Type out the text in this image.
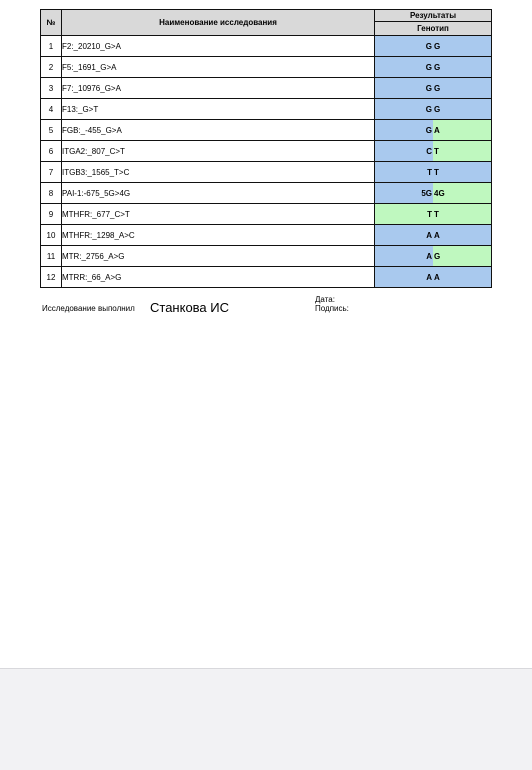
№	Наименование исследования	Результаты
		Генотип
1	F2:_20210_G>A	G G

2	F5:_1691_G>A	G G

3	F7:_10976_G>A	G G

4	F13:_G>T	G G

5	FGB:_-455_G>A	G A

6	ITGA2:_807_C>T	C T

7	ITGB3:_1565_T>C	T T

8	PAI-1:-675_5G>4G	5G 4G

9	MTHFR:_677_C>T	T T

10	MTHFR:_1298_A>C	A A

11	MTR:_2756_A>G	A G

12	MTRR:_66_A>G	A A
Исследование выполнил Станкова ИС
Дата:
Подпись:
